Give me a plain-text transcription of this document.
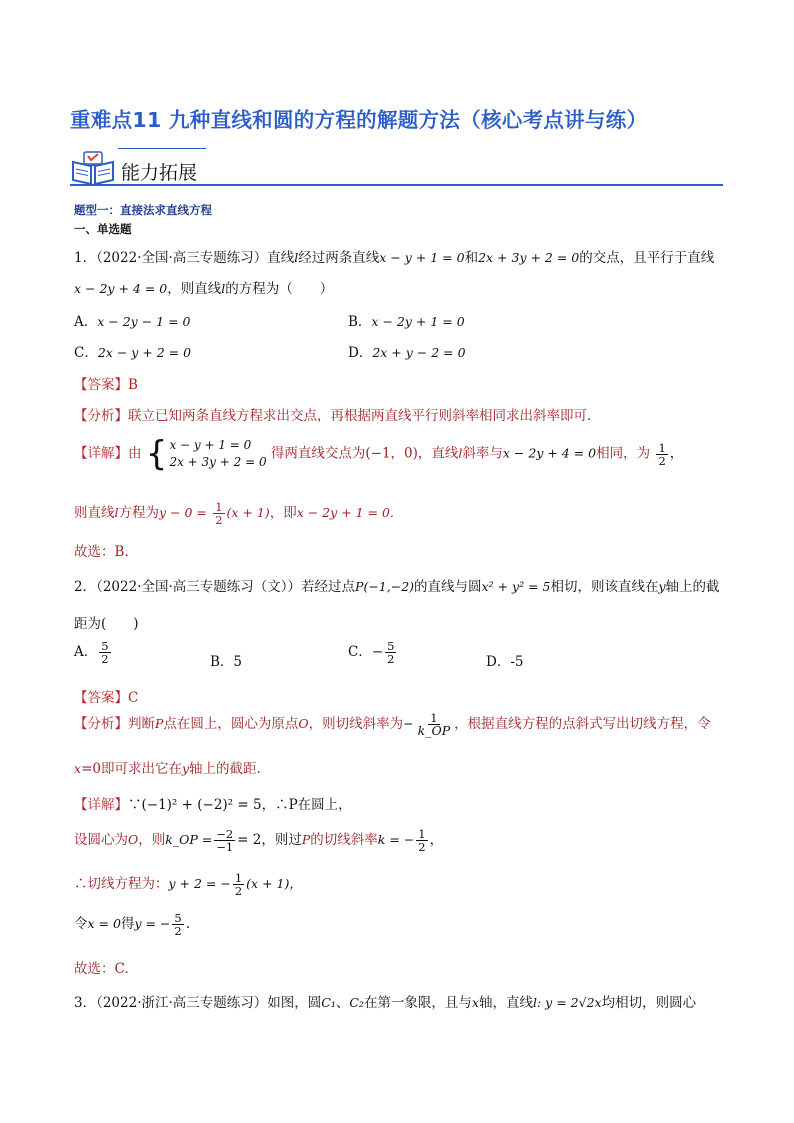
重难点11 九种直线和圆的方程的解题方法（核心考点讲与练）
能力拓展
题型一：直接法求直线方程
一、单选题
1．（2022·全国·高三专题练习）直线l经过两条直线x − y + 1 = 0和2x + 3y + 2 = 0的交点，且平行于直线
x − 2y + 4 = 0，则直线l的方程为（　　）
A．x − 2y − 1 = 0	B．x − 2y + 1 = 0
C．2x − y + 2 = 0	D．2x + y − 2 = 0
【答案】B
【分析】联立已知两条直线方程求出交点，再根据两直线平行则斜率相同求出斜率即可.
【详解】由 { x − y + 1 = 0
2x + 3y + 2 = 0
得两直线交点为(−1，0)，直线l斜率与x − 2y + 4 = 0相同，为 $\frac{1}{2}$ ，
则直线l方程为$y - 0 = \frac{1}{2} (x + 1)$，即x − 2y + 1 = 0.
故选：B.
2．（2022·全国·高三专题练习（文））若经过点P(−1,−2)的直线与圆x² + y² = 5相切，则该直线在y轴上的截
距为(　　)
A． $\frac{5}{2}$	B．5
C．− $\frac{5}{2}$	D．-5
【答案】C
【分析】判断P点在圆上，圆心为原点O，则切线斜率为− $\frac{1}{k\_OP}$ ，根据直线方程的点斜式写出切线方程，令
x=0即可求出它在y轴上的截距.
【详解】∵(−1)² + (−2)² = 5，∴P在圆上，
设圆心为O，则k_OP = $\frac{-2}{-1} = 2$，则过P的切线斜率k = − $\frac{1}{2}$ ，
∴切线方程为：y + 2 = − $\frac{1}{2} (x + 1)$，
令x = 0得y = − $\frac{5}{2}$ .
故选：C.
3．（2022·浙江·高三专题练习）如图，圆C₁、C₂在第一象限，且与x轴，直线l: y = 2√2x均相切，则圆心
